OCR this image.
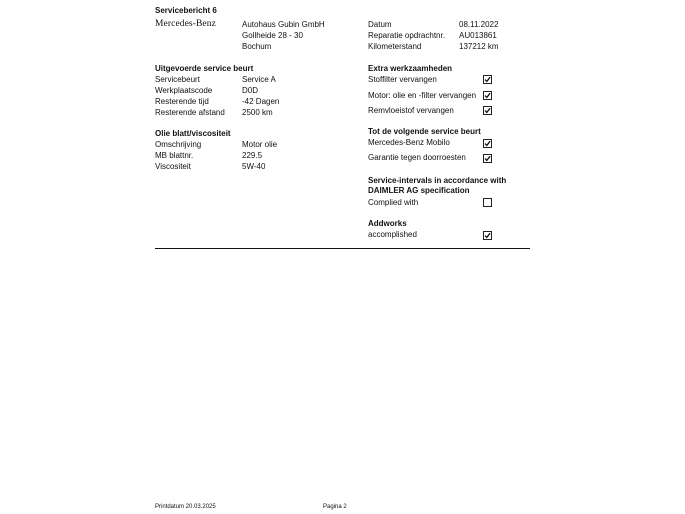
Servicebericht 6
Mercedes-Benz	Autohaus Gubin GmbH
Gollheide 28 - 30
Bochum
Datum	08.11.2022
Reparatie opdrachtnr. AU013861
Kilometerstand	137212 km
Uitgevoerde service beurt
Servicebeurt	Service A
Werkplaatscode	D0D
Resterende tijd	-42 Dagen
Resterende afstand 2500 km
Olie blatt/viscositeit
Omschrijving	Motor olie
MB blattnr.	229.5
Viscositeit	5W-40
Extra werkzaamheden
Stoffilter vervangen
Motor: olie en -filter vervangen
Remvloeistof vervangen
Tot de volgende service beurt
Mercedes-Benz Mobilo
Garantie tegen doorroesten
Service-intervals in accordance with
DAIMLER AG specification
Complied with
Addworks
accomplished
Printdatum 20.03.2025	Pagina 2
